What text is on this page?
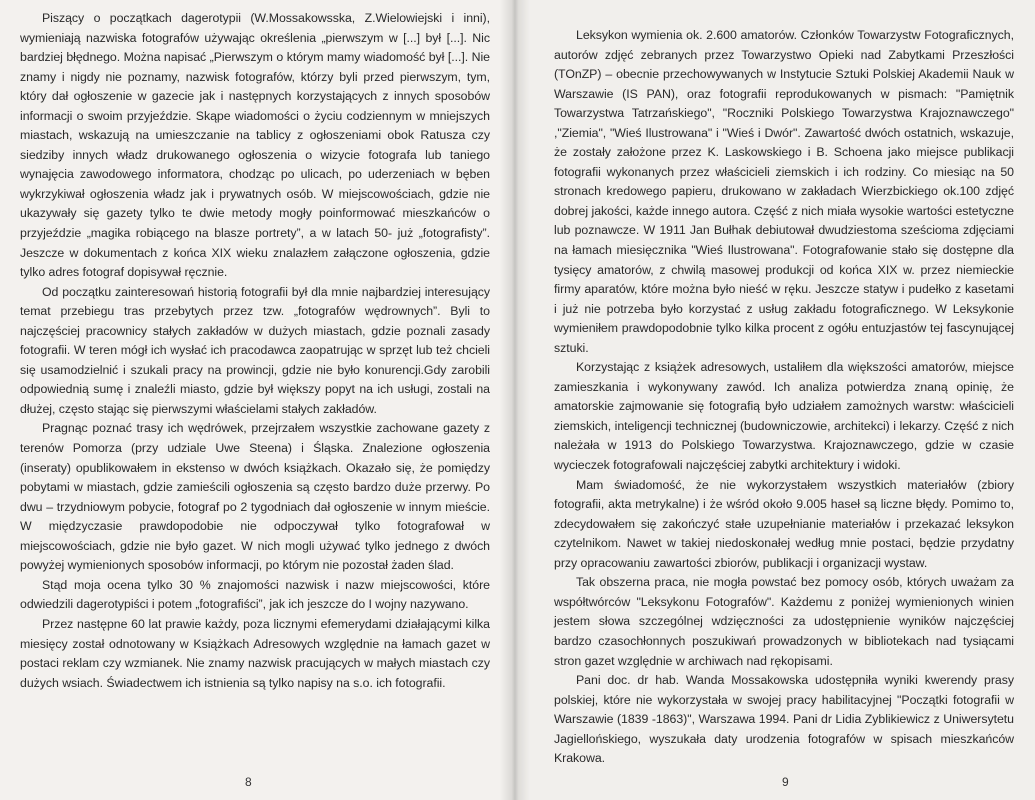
Piszący o początkach dagerotypii (W.Mossakowsska, Z.Wielowiejski i inni), wymieniają nazwiska fotografów używając określenia „pierwszym w [...] był [...]. Nic bardziej błędnego. Można napisać „Pierwszym o którym mamy wiadomość był [...]. Nie znamy i nigdy nie poznamy, nazwisk fotografów, którzy byli przed pierwszym, tym, który dał ogłoszenie w gazecie jak i następnych korzystających z innych sposobów informacji o swoim przyjeździe. Skąpe wiadomości o życiu codziennym w mniejszych miastach, wskazują na umieszczanie na tablicy z ogłoszeniami obok Ratusza czy siedziby innych władz drukowanego ogłoszenia o wizycie fotografa lub taniego wynajęcia zawodowego informatora, chodząc po ulicach, po uderzeniach w bęben wykrzykiwał ogłoszenia władz jak i prywatnych osób. W miejscowościach, gdzie nie ukazywały się gazety tylko te dwie metody mogły poinformować mieszkańców o przyjeździe „magika robiącego na blasze portrety”, a w latach 50- już „fotografisty”. Jeszcze w dokumentach z końca XIX wieku znalazłem załączone ogłoszenia, gdzie tylko adres fotograf dopisywał ręcznie.

Od początku zainteresowań historią fotografii był dla mnie najbardziej interesujący temat przebiegu tras przebytych przez tzw. „fotografów wędrownych”. Byli to najczęściej pracownicy stałych zakładów w dużych miastach, gdzie poznali zasady fotografii. W teren mógł ich wysłać ich pracodawca zaopatrując w sprzęt lub też chcieli się usamodzielnić i szukali pracy na prowincji, gdzie nie było konurencji.Gdy zarobili odpowiednią sumę i znaleźli miasto, gdzie był większy popyt na ich usługi, zostali na dłużej, często stając się pierwszymi właścielami stałych zakładów.

Pragnąc poznać trasy ich wędrówek, przejrzałem wszystkie zachowane gazety z terenów Pomorza (przy udziale Uwe Steena) i Śląska. Znalezione ogłoszenia (inseraty) opublikowałem in ekstenso w dwóch książkach. Okazało się, że pomiędzy pobytami w miastach, gdzie zamieścili ogłoszenia są często bardzo duże przerwy. Po dwu – trzydniowym pobycie, fotograf po 2 tygodniach dał ogłoszenie w innym mieście. W międzyczasie prawdopodobie nie odpoczywał tylko fotografował w miejscowościach, gdzie nie było gazet. W nich mogli używać tylko jednego z dwóch powyżej wymienionych sposobów informacji, po którym nie pozostał żaden ślad.

Stąd moja ocena tylko 30 % znajomości nazwisk i nazw miejscowości, które odwiedzili dagerotypiści i potem „fotografiści”, jak ich jeszcze do I wojny nazywano.

Przez następne 60 lat prawie każdy, poza licznymi efemerydami działającymi kilka miesięcy został odnotowany w Książkach Adresowych względnie na łamach gazet w postaci reklam czy wzmianek. Nie znamy nazwisk pracujących w małych miastach czy dużych wsiach. Świadectwem ich istnienia są tylko napisy na s.o. ich fotografii.

8

Leksykon wymienia ok. 2.600 amatorów. Członków Towarzystw Fotograficznych, autorów zdjęć zebranych przez Towarzystwo Opieki nad Zabytkami Przeszłości (TOnZP) – obecnie przechowywanych w Instytucie Sztuki Polskiej Akademii Nauk w Warszawie (IS PAN), oraz fotografii reprodukowanych w pismach: "Pamiętnik Towarzystwa Tatrzańskiego", "Roczniki Polskiego Towarzystwa Krajoznawczego" ,"Ziemia", "Wieś Ilustrowana" i "Wieś i Dwór". Zawartość dwóch ostatnich, wskazuje, że zostały założone przez K. Laskowskiego i B. Schoena jako miejsce publikacji fotografii wykonanych przez właścicieli ziemskich i ich rodziny. Co miesiąc na 50 stronach kredowego papieru, drukowano w zakładach Wierzbickiego ok.100 zdjęć dobrej jakości, każde innego autora. Część z nich miała wysokie wartości estetyczne lub poznawcze. W 1911 Jan Bułhak debiutował dwudziestoma sześcioma zdjęciami na łamach miesięcznika "Wieś Ilustrowana". Fotografowanie stało się dostępne dla tysięcy amatorów, z chwilą masowej produkcji od końca XIX w. przez niemieckie firmy aparatów, które można było nieść w ręku. Jeszcze statyw i pudełko z kasetami i już nie potrzeba było korzystać z usług zakładu fotograficznego. W Leksykonie wymieniłem prawdopodobnie tylko kilka procent z ogółu entuzjastów tej fascynującej sztuki.

Korzystając z książek adresowych, ustaliłem dla większości amatorów, miejsce zamieszkania i wykonywany zawód. Ich analiza potwierdza znaną opinię, że amatorskie zajmowanie się fotografią było udziałem zamożnych warstw: właścicieli ziemskich, inteligencji technicznej (budowniczowie, architekci) i lekarzy. Część z nich należała w 1913 do Polskiego Towarzystwa. Krajoznawczego, gdzie w czasie wycieczek fotografowali najczęściej zabytki architektury i widoki.

Mam świadomość, że nie wykorzystałem wszystkich materiałów (zbiory fotografii, akta metrykalne) i że wśród około 9.005 haseł są liczne błędy. Pomimo to, zdecydowałem się zakończyć stałe uzupełnianie materiałów i przekazać leksykon czytelnikom. Nawet w takiej niedoskonałej według mnie postaci, będzie przydatny przy opracowaniu zawartości zbiorów, publikacji i organizacji wystaw.

Tak obszerna praca, nie mogła powstać bez pomocy osób, których uważam za współtwórców "Leksykonu Fotografów". Każdemu z poniżej wymienionych winien jestem słowa szczególnej wdzięczności za udostępnienie wyników najczęściej bardzo czasochłonnych poszukiwań prowadzonych w bibliotekach nad tysiącami stron gazet względnie w archiwach nad rękopisami.

Pani doc. dr hab. Wanda Mossakowska udostępniła wyniki kwerendy prasy polskiej, które nie wykorzystała w swojej pracy habilitacyjnej "Początki fotografii w Warszawie (1839 -1863)", Warszawa 1994. Pani dr Lidia Zyblikiewicz z Uniwersytetu Jagiellońskiego, wyszukała daty urodzenia fotografów w spisach mieszkańców Krakowa.

9
